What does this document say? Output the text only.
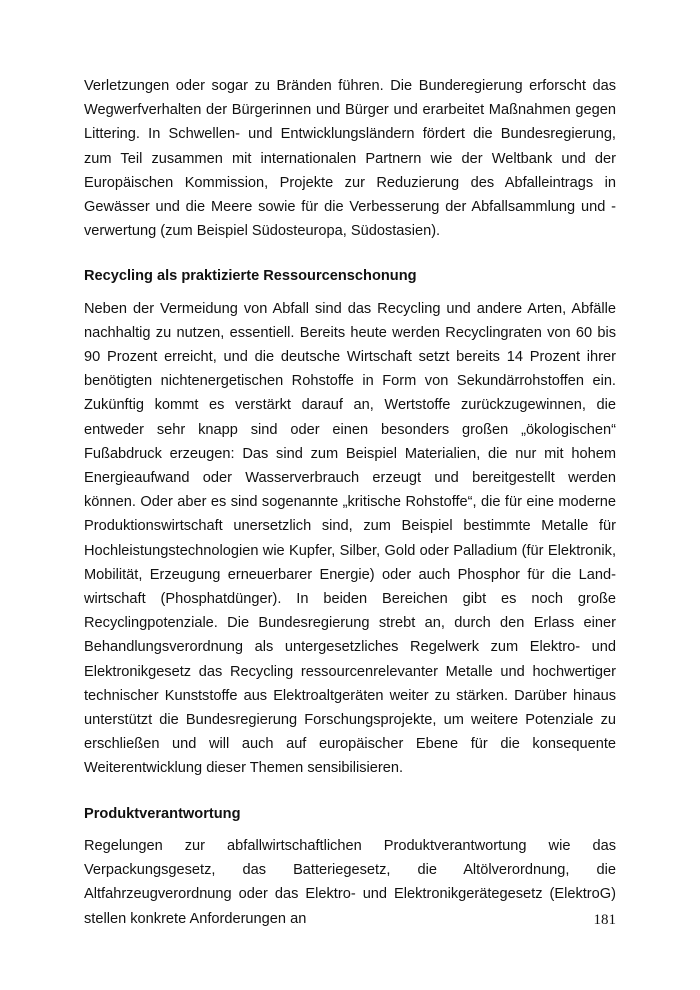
Verletzungen oder sogar zu Bränden führen. Die Bunderegierung erforscht das Wegwerfverhalten der Bürgerinnen und Bürger und erarbeitet Maßnahmen gegen Littering. In Schwellen- und Entwicklungsländern fördert die Bundesregierung, zum Teil zusammen mit internationalen Partnern wie der Weltbank und der Europäischen Kommission, Projekte zur Reduzierung des Abfalleintrags in Gewässer und die Meere sowie für die Verbesserung der Abfallsammlung und -verwertung (zum Beispiel Südosteuropa, Südostasien).

Recycling als praktizierte Ressourcenschonung

Neben der Vermeidung von Abfall sind das Recycling und andere Arten, Abfälle nachhaltig zu nutzen, essentiell. Bereits heute werden Recyclingraten von 60 bis 90 Prozent erreicht, und die deutsche Wirtschaft setzt bereits 14 Prozent ihrer benötigten nichtenergetischen Rohstoffe in Form von Sekundärrohstoffen ein. Zukünftig kommt es verstärkt darauf an, Wertstoffe zurückzugewinnen, die entweder sehr knapp sind oder einen besonders großen „ökologischen“ Fußabdruck erzeugen: Das sind zum Beispiel Materialien, die nur mit hohem Energieaufwand oder Wasserverbrauch erzeugt und bereitgestellt werden können. Oder aber es sind sogenannte „kritische Rohstoffe“, die für eine moderne Produktionswirtschaft unersetzlich sind, zum Beispiel bestimmte Metalle für Hochleistungstechnologien wie Kupfer, Silber, Gold oder Palladium (für Elektronik, Mobilität, Erzeugung erneuerbarer Energie) oder auch Phosphor für die Landwirtschaft (Phosphatdünger). In beiden Bereichen gibt es noch große Recyclingpotenziale. Die Bundesregierung strebt an, durch den Erlass einer Behandlungsverordnung als untergesetzliches Regelwerk zum Elektro- und Elektronikgesetz das Recycling ressourcenrelevanter Metalle und hochwertiger technischer Kunststoffe aus Elektroaltgeräten weiter zu stärken. Darüber hinaus unterstützt die Bundesregierung Forschungsprojekte, um weitere Potenziale zu erschließen und will auch auf europäischer Ebene für die konsequente Weiterentwicklung dieser Themen sensibilisieren.

Produktverantwortung

Regelungen zur abfallwirtschaftlichen Produktverantwortung wie das Verpackungsgesetz, das Batteriegesetz, die Altölverordnung, die Altfahrzeugverordnung oder das Elektro- und Elektronikgerätegesetz (ElektroG) stellen konkrete Anforderungen an	181
